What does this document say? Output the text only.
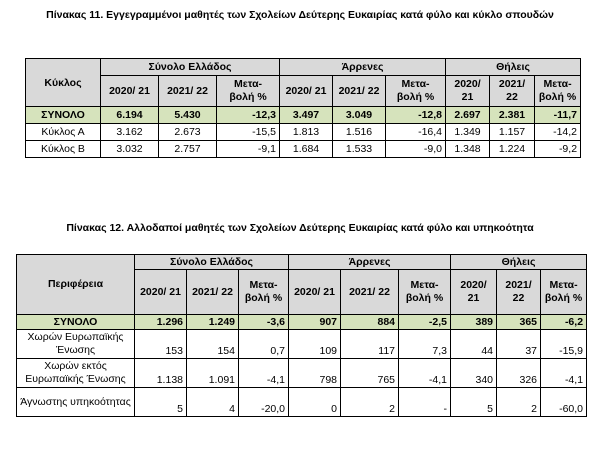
Πίνακας 11. Εγγεγραμμένοι μαθητές των Σχολείων Δεύτερης Ευκαιρίας κατά φύλο και κύκλο σπουδών
Κύκλος	Σύνολο Ελλάδος			Άρρενες			Θήλεις		
	2020/ 21	2021/ 22	Μετα- βολή %	2020/ 21	2021/ 22	Μετα- βολή %	2020/ 21	2021/ 22	Μετα- βολή %
ΣΥΝΟΛΟ	6.194	5.430	-12,3	3.497	3.049	-12,8	2.697	2.381	-11,7
Κύκλος Α	3.162	2.673	-15,5	1.813	1.516	-16,4	1.349	1.157	-14,2
Κύκλος Β	3.032	2.757	-9,1	1.684	1.533	-9,0	1.348	1.224	-9,2
Πίνακας 12. Αλλοδαποί μαθητές των Σχολείων Δεύτερης Ευκαιρίας κατά φύλο και υπηκοότητα
Περιφέρεια	Σύνολο Ελλάδος			Άρρενες			Θήλεις		
	2020/ 21	2021/ 22	Μετα- βολή %	2020/ 21	2021/ 22	Μετα- βολή %	2020/ 21	2021/ 22	Μετα- βολή %
ΣΥΝΟΛΟ	1.296	1.249	-3,6	907	884	-2,5	389	365	-6,2
Χωρών Ευρωπαϊκής Ένωσης	153	154	0,7	109	117	7,3	44	37	-15,9
Χωρών εκτός Ευρωπαϊκής Ένωσης	1.138	1.091	-4,1	798	765	-4,1	340	326	-4,1
Άγνωστης υπηκοότητας	5	4	-20,0	0	2	-	5	2	-60,0
